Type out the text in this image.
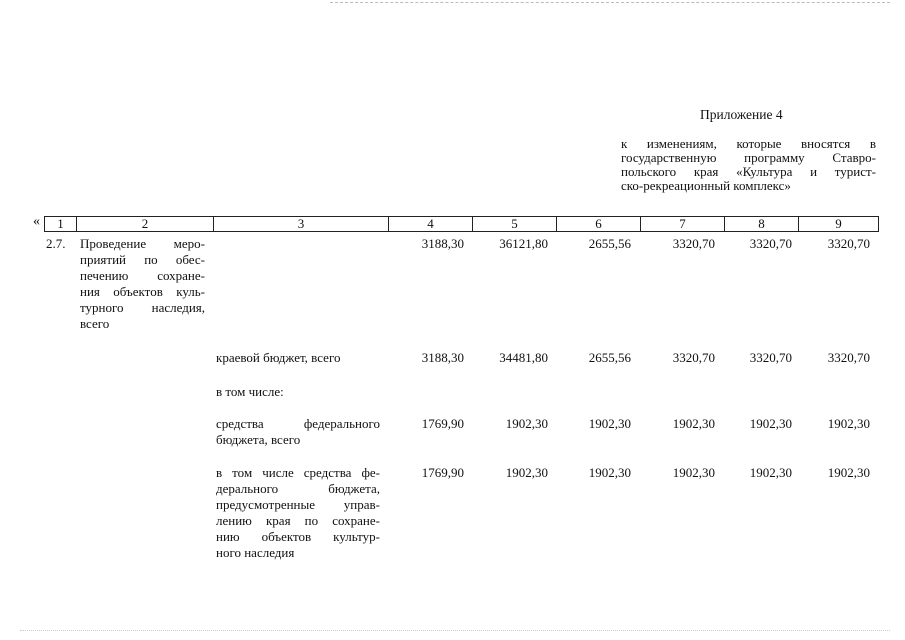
Приложение 4
к изменениям, которые вносятся в
государственную программу Ставро-
польского края «Культура и турист-
ско-рекреационный комплекс»
«	1	2	3	4	5	6	7	8	9
2.7. Проведение меро-
приятий по обес-
печению сохране-
ния объектов куль-
турного наследия,
всего
3188,30	36121,80	2655,56	3320,70	3320,70	3320,70
краевой бюджет, всего	3188,30	34481,80	2655,56	3320,70	3320,70	3320,70
в том числе:
средства федерального
бюджета, всего
1769,90	1902,30	1902,30	1902,30	1902,30	1902,30
в том числе средства фе-
дерального бюджета,
предусмотренные управ-
лению края по сохране-
нию объектов культур-
ного наследия
1769,90	1902,30	1902,30	1902,30	1902,30	1902,30
